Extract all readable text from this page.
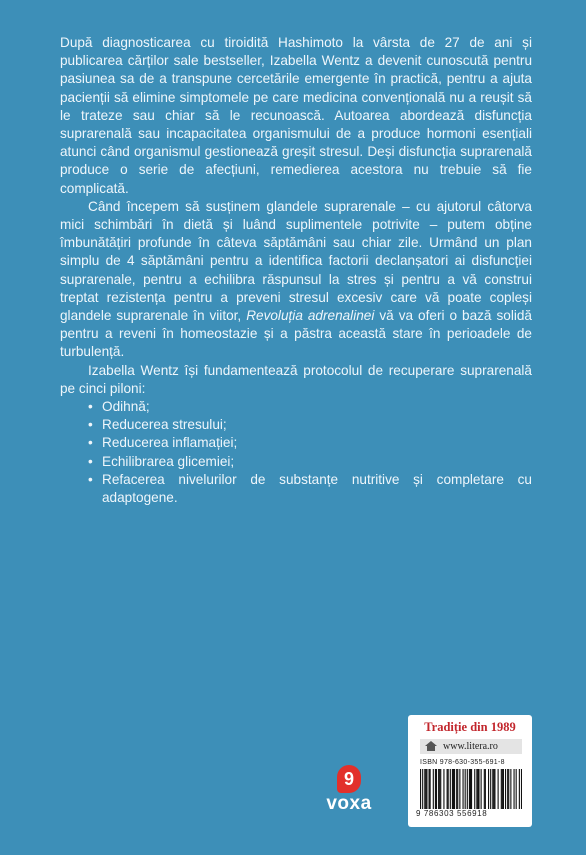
După diagnosticarea cu tiroidită Hashimoto la vârsta de 27 de ani și publicarea cărților sale bestseller, Izabella Wentz a devenit cunoscută pentru pasiunea sa de a transpune cercetările emergente în practică, pentru a ajuta pacienții să elimine simptomele pe care medicina convențională nu a reușit să le trateze sau chiar să le recunoască. Autoarea abordează disfuncția suprarenală sau incapacitatea organismului de a produce hormoni esențiali atunci când organismul gestionează greșit stresul. Deși disfuncția suprarenală produce o serie de afecțiuni, remedierea acestora nu trebuie să fie complicată.

Când începem să susținem glandele suprarenale – cu ajutorul câtorva mici schimbări în dietă și luând suplimentele potrivite – putem obține îmbunătățiri profunde în câteva săptămâni sau chiar zile. Urmând un plan simplu de 4 săptămâni pentru a identifica factorii declanșatori ai disfuncției suprarenale, pentru a echilibra răspunsul la stres și pentru a vă construi treptat rezistența pentru a preveni stresul excesiv care vă poate copleși glandele suprarenale în viitor, Revoluția adrenalinei vă va oferi o bază solidă pentru a reveni în homeostazie și a păstra această stare în perioadele de turbulență.

Izabella Wentz își fundamentează protocolul de recuperare suprarenală pe cinci piloni:

• Odihnă;
• Reducerea stresului;
• Reducerea inflamației;
• Echilibrarea glicemiei;
• Refacerea nivelurilor de substanțe nutritive și completare cu adaptogene.
9
voxa
Tradiție din 1989
www.litera.ro
ISBN 978-630-355-691-8
9 786303 556918
